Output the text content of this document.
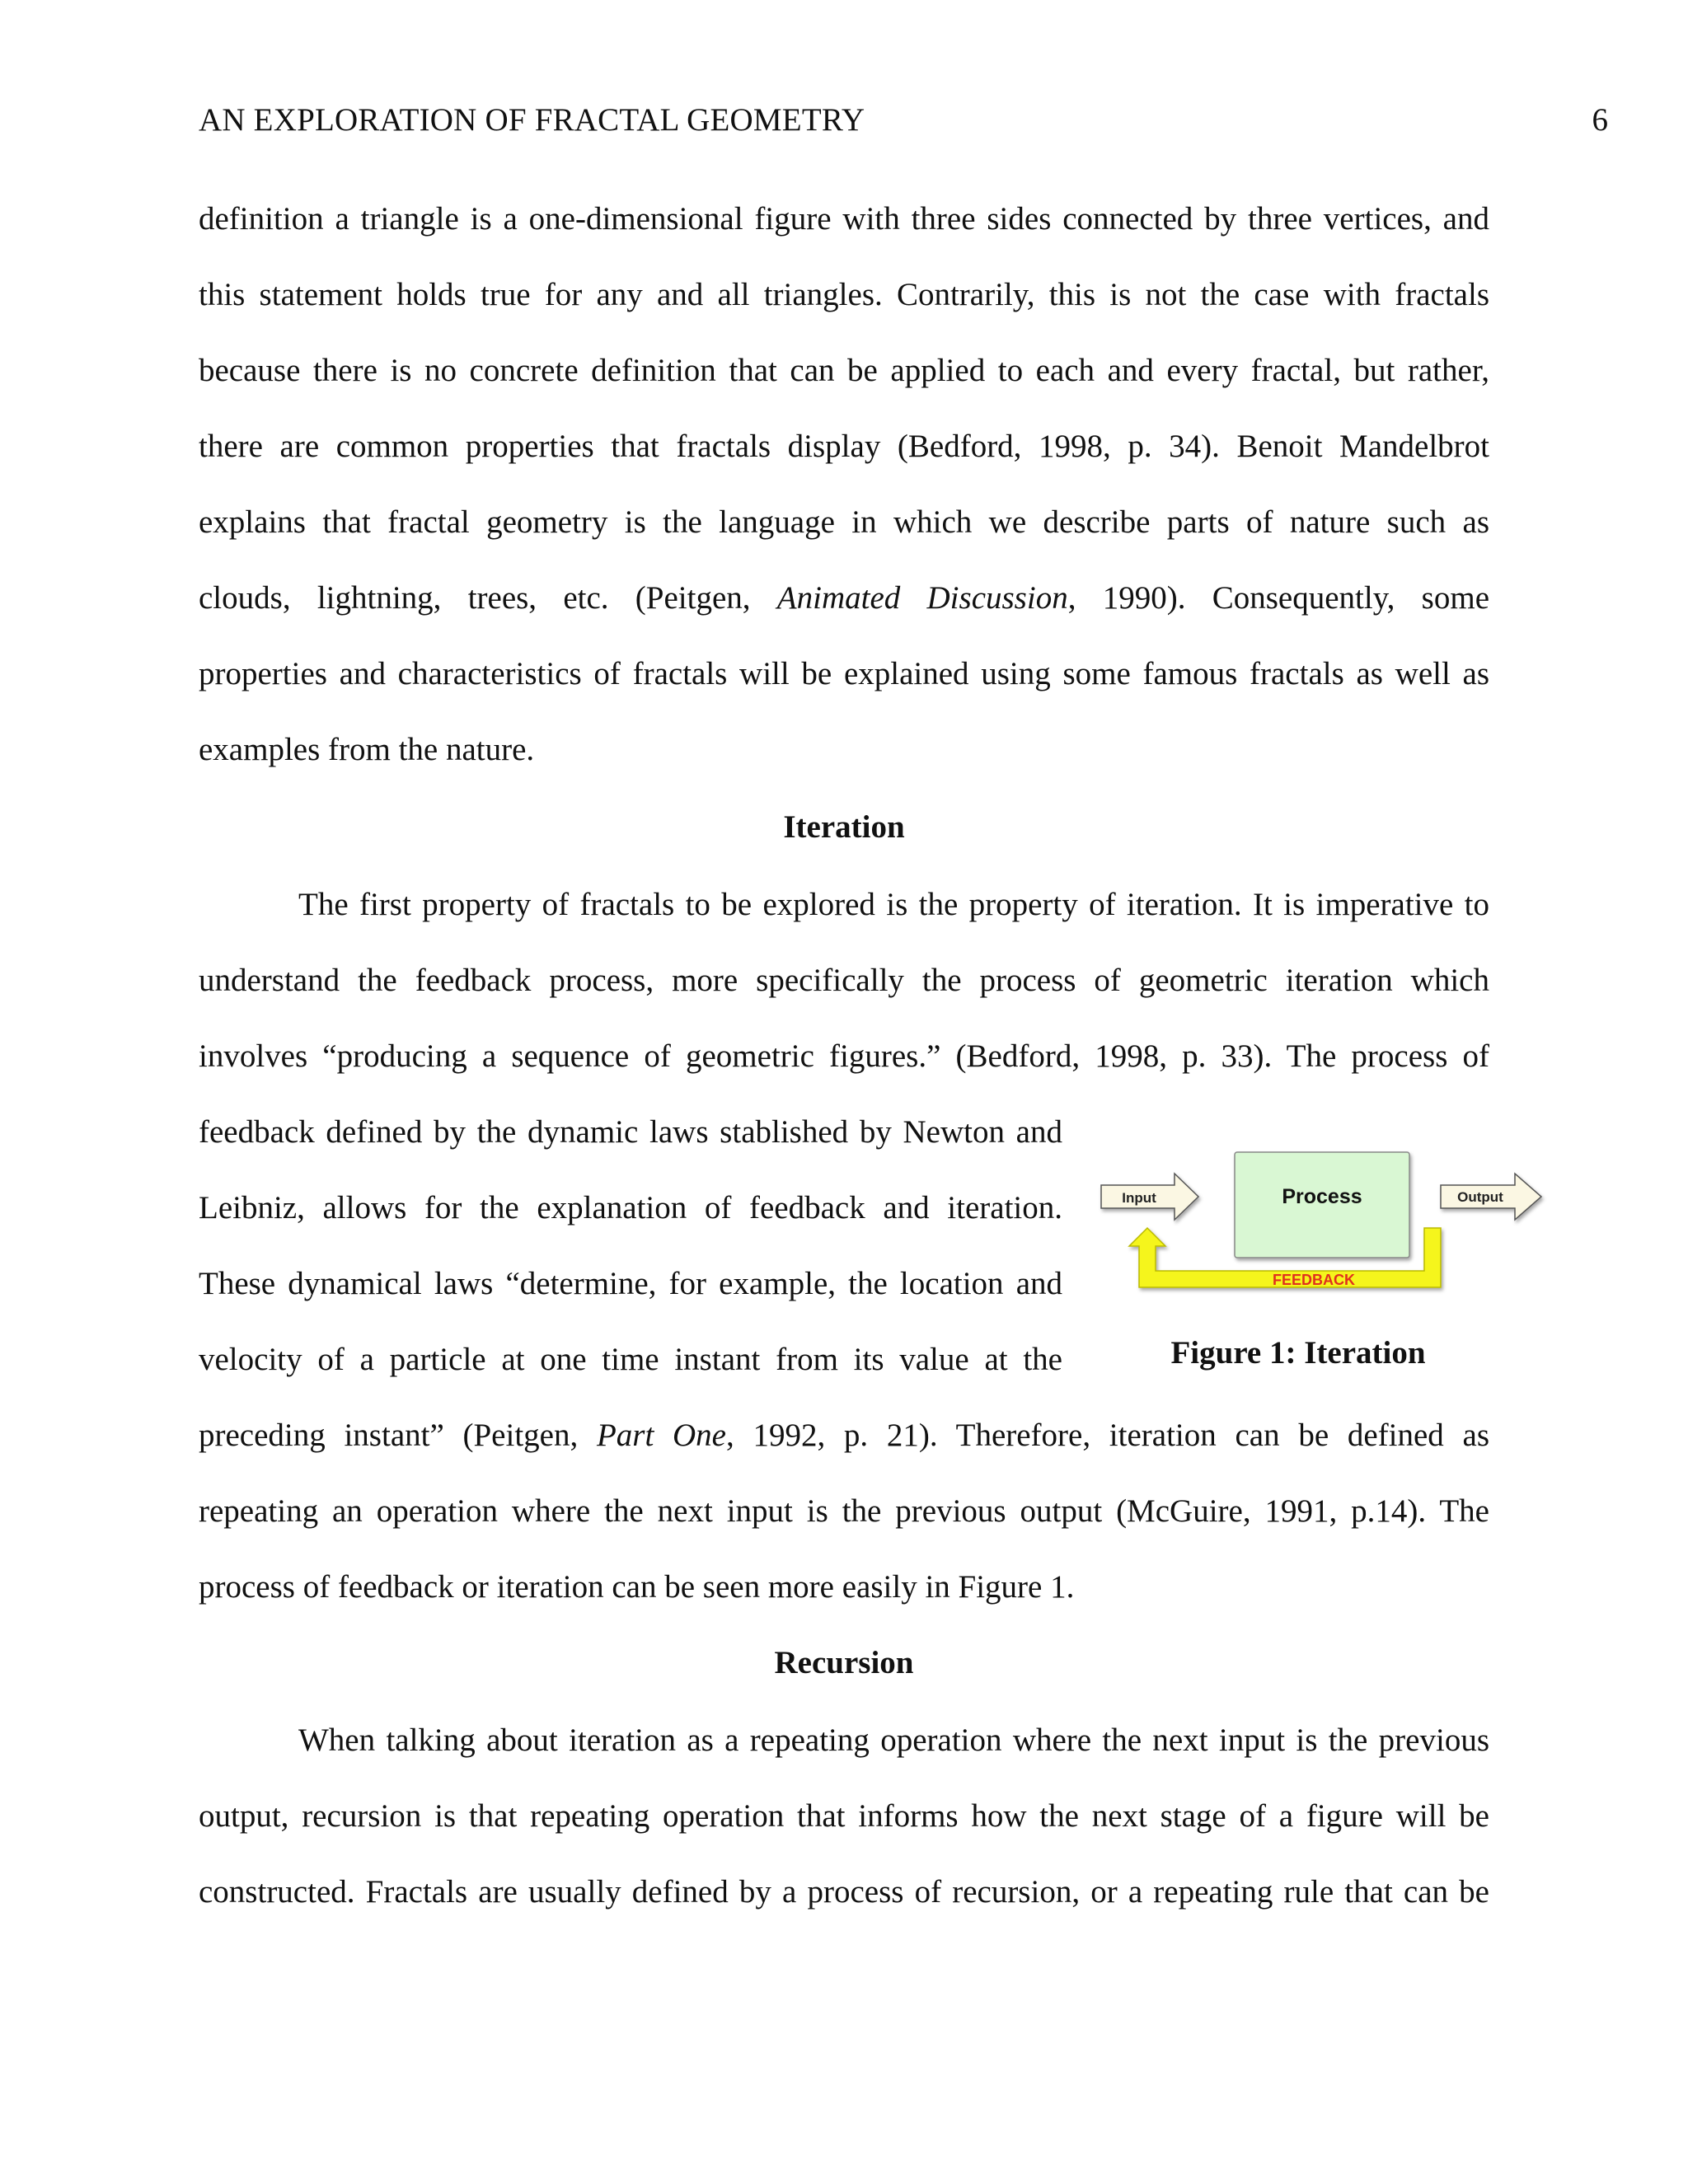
AN EXPLORATION OF FRACTAL GEOMETRY	6
definition a triangle is a one-dimensional figure with three sides connected by three vertices, and
this statement holds true for any and all triangles. Contrarily, this is not the case with fractals
because there is no concrete definition that can be applied to each and every fractal, but rather,
there are common properties that fractals display (Bedford, 1998, p. 34). Benoit Mandelbrot
explains that fractal geometry is the language in which we describe parts of nature such as
clouds, lightning, trees, etc. (Peitgen, Animated Discussion, 1990). Consequently, some
properties and characteristics of fractals will be explained using some famous fractals as well as
examples from the nature.
Iteration
The first property of fractals to be explored is the property of iteration. It is imperative to
understand the feedback process, more specifically the process of geometric iteration which
involves “producing a sequence of geometric figures.” (Bedford, 1998, p. 33). The process of
feedback defined by the dynamic laws stablished by Newton and
Leibniz, allows for the explanation of feedback and iteration.
These dynamical laws “determine, for example, the location and
velocity of a particle at one time instant from its value at the
preceding instant” (Peitgen, Part One, 1992, p. 21). Therefore, iteration can be defined as
repeating an operation where the next input is the previous output (McGuire, 1991, p.14). The
process of feedback or iteration can be seen more easily in Figure 1.
FEEDBACK
Input	Process	Output
Figure 1: Iteration
Recursion
When talking about iteration as a repeating operation where the next input is the previous
output, recursion is that repeating operation that informs how the next stage of a figure will be
constructed. Fractals are usually defined by a process of recursion, or a repeating rule that can be
